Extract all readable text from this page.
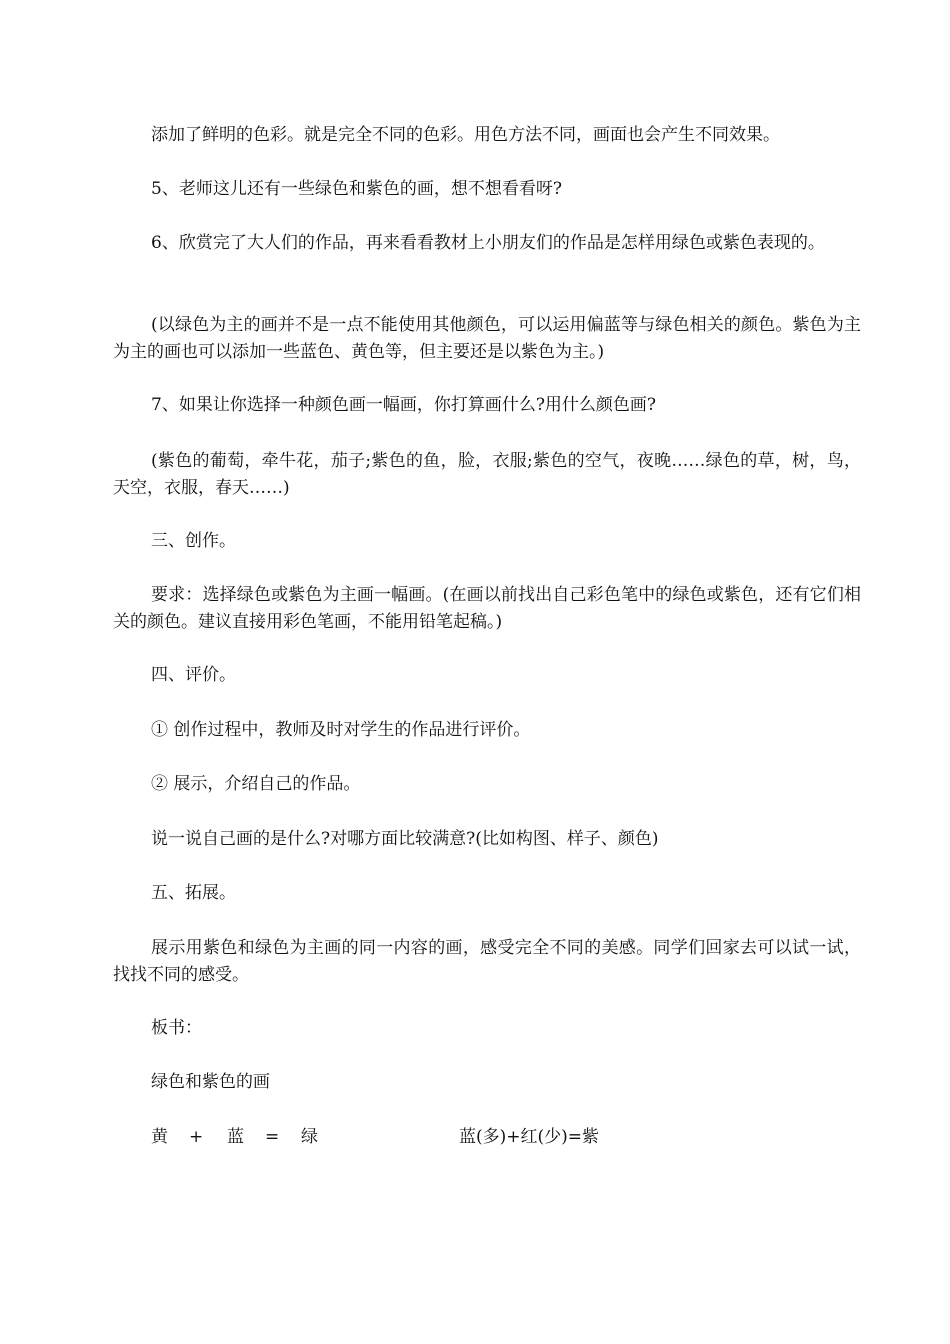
添加了鲜明的色彩。就是完全不同的色彩。用色方法不同，画面也会产生不同效果。

5、老师这儿还有一些绿色和紫色的画，想不想看看呀?

6、欣赏完了大人们的作品，再来看看教材上小朋友们的作品是怎样用绿色或紫色表现的。

(以绿色为主的画并不是一点不能使用其他颜色，可以运用偏蓝等与绿色相关的颜色。紫色为主为主的画也可以添加一些蓝色、黄色等，但主要还是以紫色为主。)

7、如果让你选择一种颜色画一幅画，你打算画什么?用什么颜色画?

(紫色的葡萄，牵牛花，茄子;紫色的鱼，脸，衣服;紫色的空气，夜晚……绿色的草，树，鸟，天空，衣服，春天……)

三、创作。

要求：选择绿色或紫色为主画一幅画。(在画以前找出自己彩色笔中的绿色或紫色，还有它们相关的颜色。建议直接用彩色笔画，不能用铅笔起稿。)

四、评价。

① 创作过程中，教师及时对学生的作品进行评价。

② 展示，介绍自己的作品。

说一说自己画的是什么?对哪方面比较满意?(比如构图、样子、颜色)

五、拓展。

展示用紫色和绿色为主画的同一内容的画，感受完全不同的美感。同学们回家去可以试一试，找找不同的感受。

板书：

绿色和紫色的画

黄 + 蓝 = 绿	蓝(多)+红(少)=紫
